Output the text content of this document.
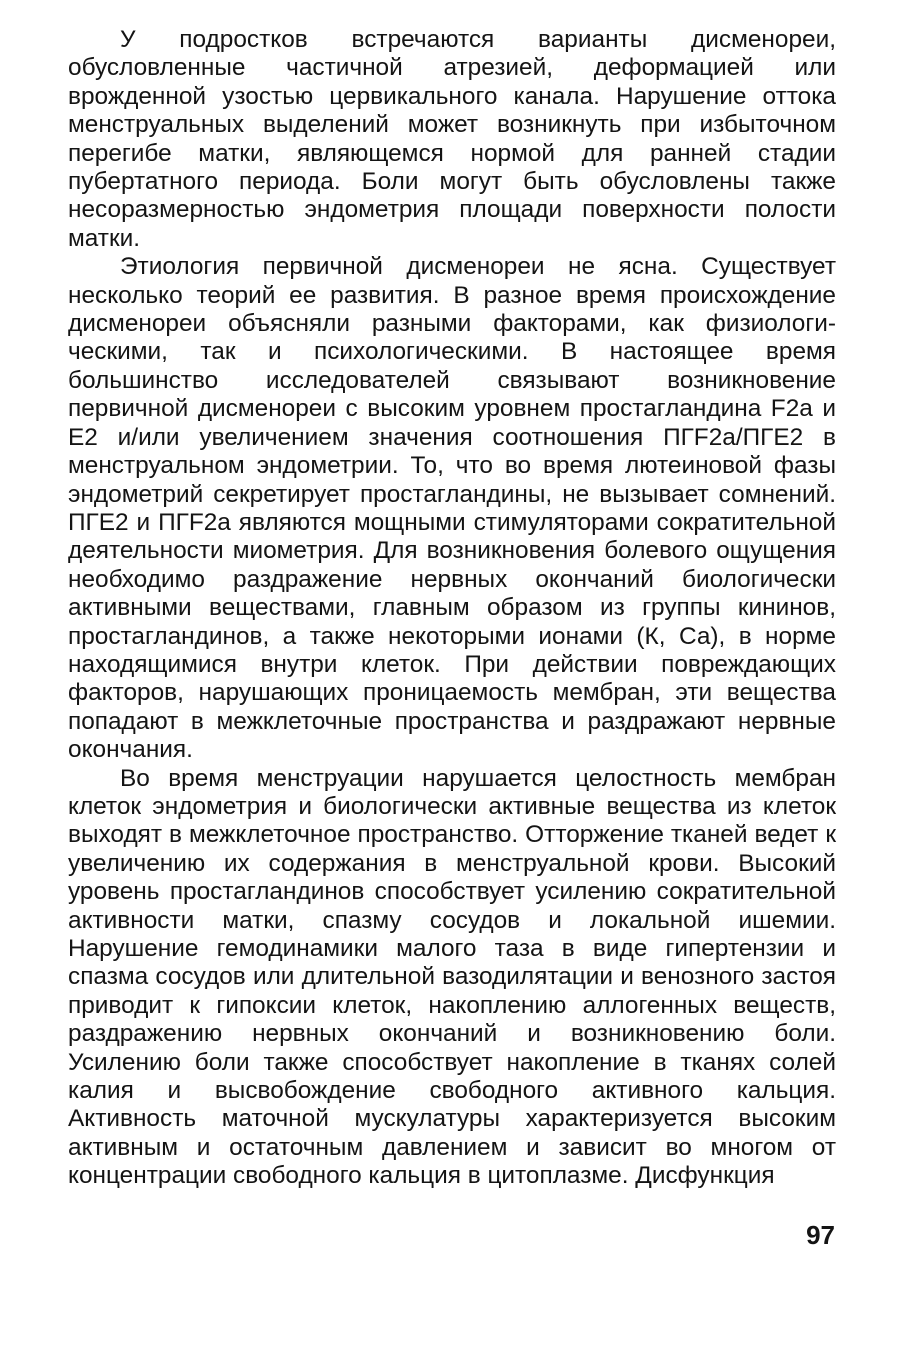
У подростков встречаются варианты дисменореи, обусловленные частичной атрезией, деформацией или врожденной узостью цервикального канала. Нарушение оттока менструальных выделений может возникнуть при избыточном перегибе матки, являющемся нормой для ранней стадии пубертатного периода. Боли могут быть обусловлены также несоразмерностью эндометрия площади поверхности полости матки.

Этиология первичной дисменореи не ясна. Существует несколько теорий ее развития. В разное время происхождение дисменореи объясняли разными факторами, как физиологическими, так и психологическими. В настоящее время большинство исследователей связывают возникновение первичной дисменореи с высоким уровнем простагландина F2a и Е2 и/или увеличением значения соотношения ПГF2а/ПГЕ2 в менструальном эндометрии. То, что во время лютеиновой фазы эндометрий секретирует простагландины, не вызывает сомнений. ПГЕ2 и ПГF2a являются мощными стимуляторами сократительной деятельности миометрия. Для возникновения болевого ощущения необходимо раздражение нервных окончаний биологически активными веществами, главным образом из группы кининов, простагландинов, а также некоторыми ионами (К, Са), в норме находящимися внутри клеток. При действии повреждающих факторов, нарушающих проницаемость мембран, эти вещества попадают в межклеточные пространства и раздражают нервные окончания.

Во время менструации нарушается целостность мембран клеток эндометрия и биологически активные вещества из клеток выходят в межклеточное пространство. Отторжение тканей ведет к увеличению их содержания в менструальной крови. Высокий уровень простагландинов способствует усилению сократительной активности матки, спазму сосудов и локальной ишемии. Нарушение гемодинамики малого таза в виде гипертензии и спазма сосудов или длительной вазодилятации и венозного застоя приводит к гипоксии клеток, накоплению аллогенных веществ, раздражению нервных окончаний и возникновению боли. Усилению боли также способствует накопление в тканях солей калия и высвобождение свободного активного кальция. Активность маточной мускулатуры характеризуется высоким активным и остаточным давлением и зависит во многом от концентрации свободного кальция в цитоплазме. Дисфункция

97
